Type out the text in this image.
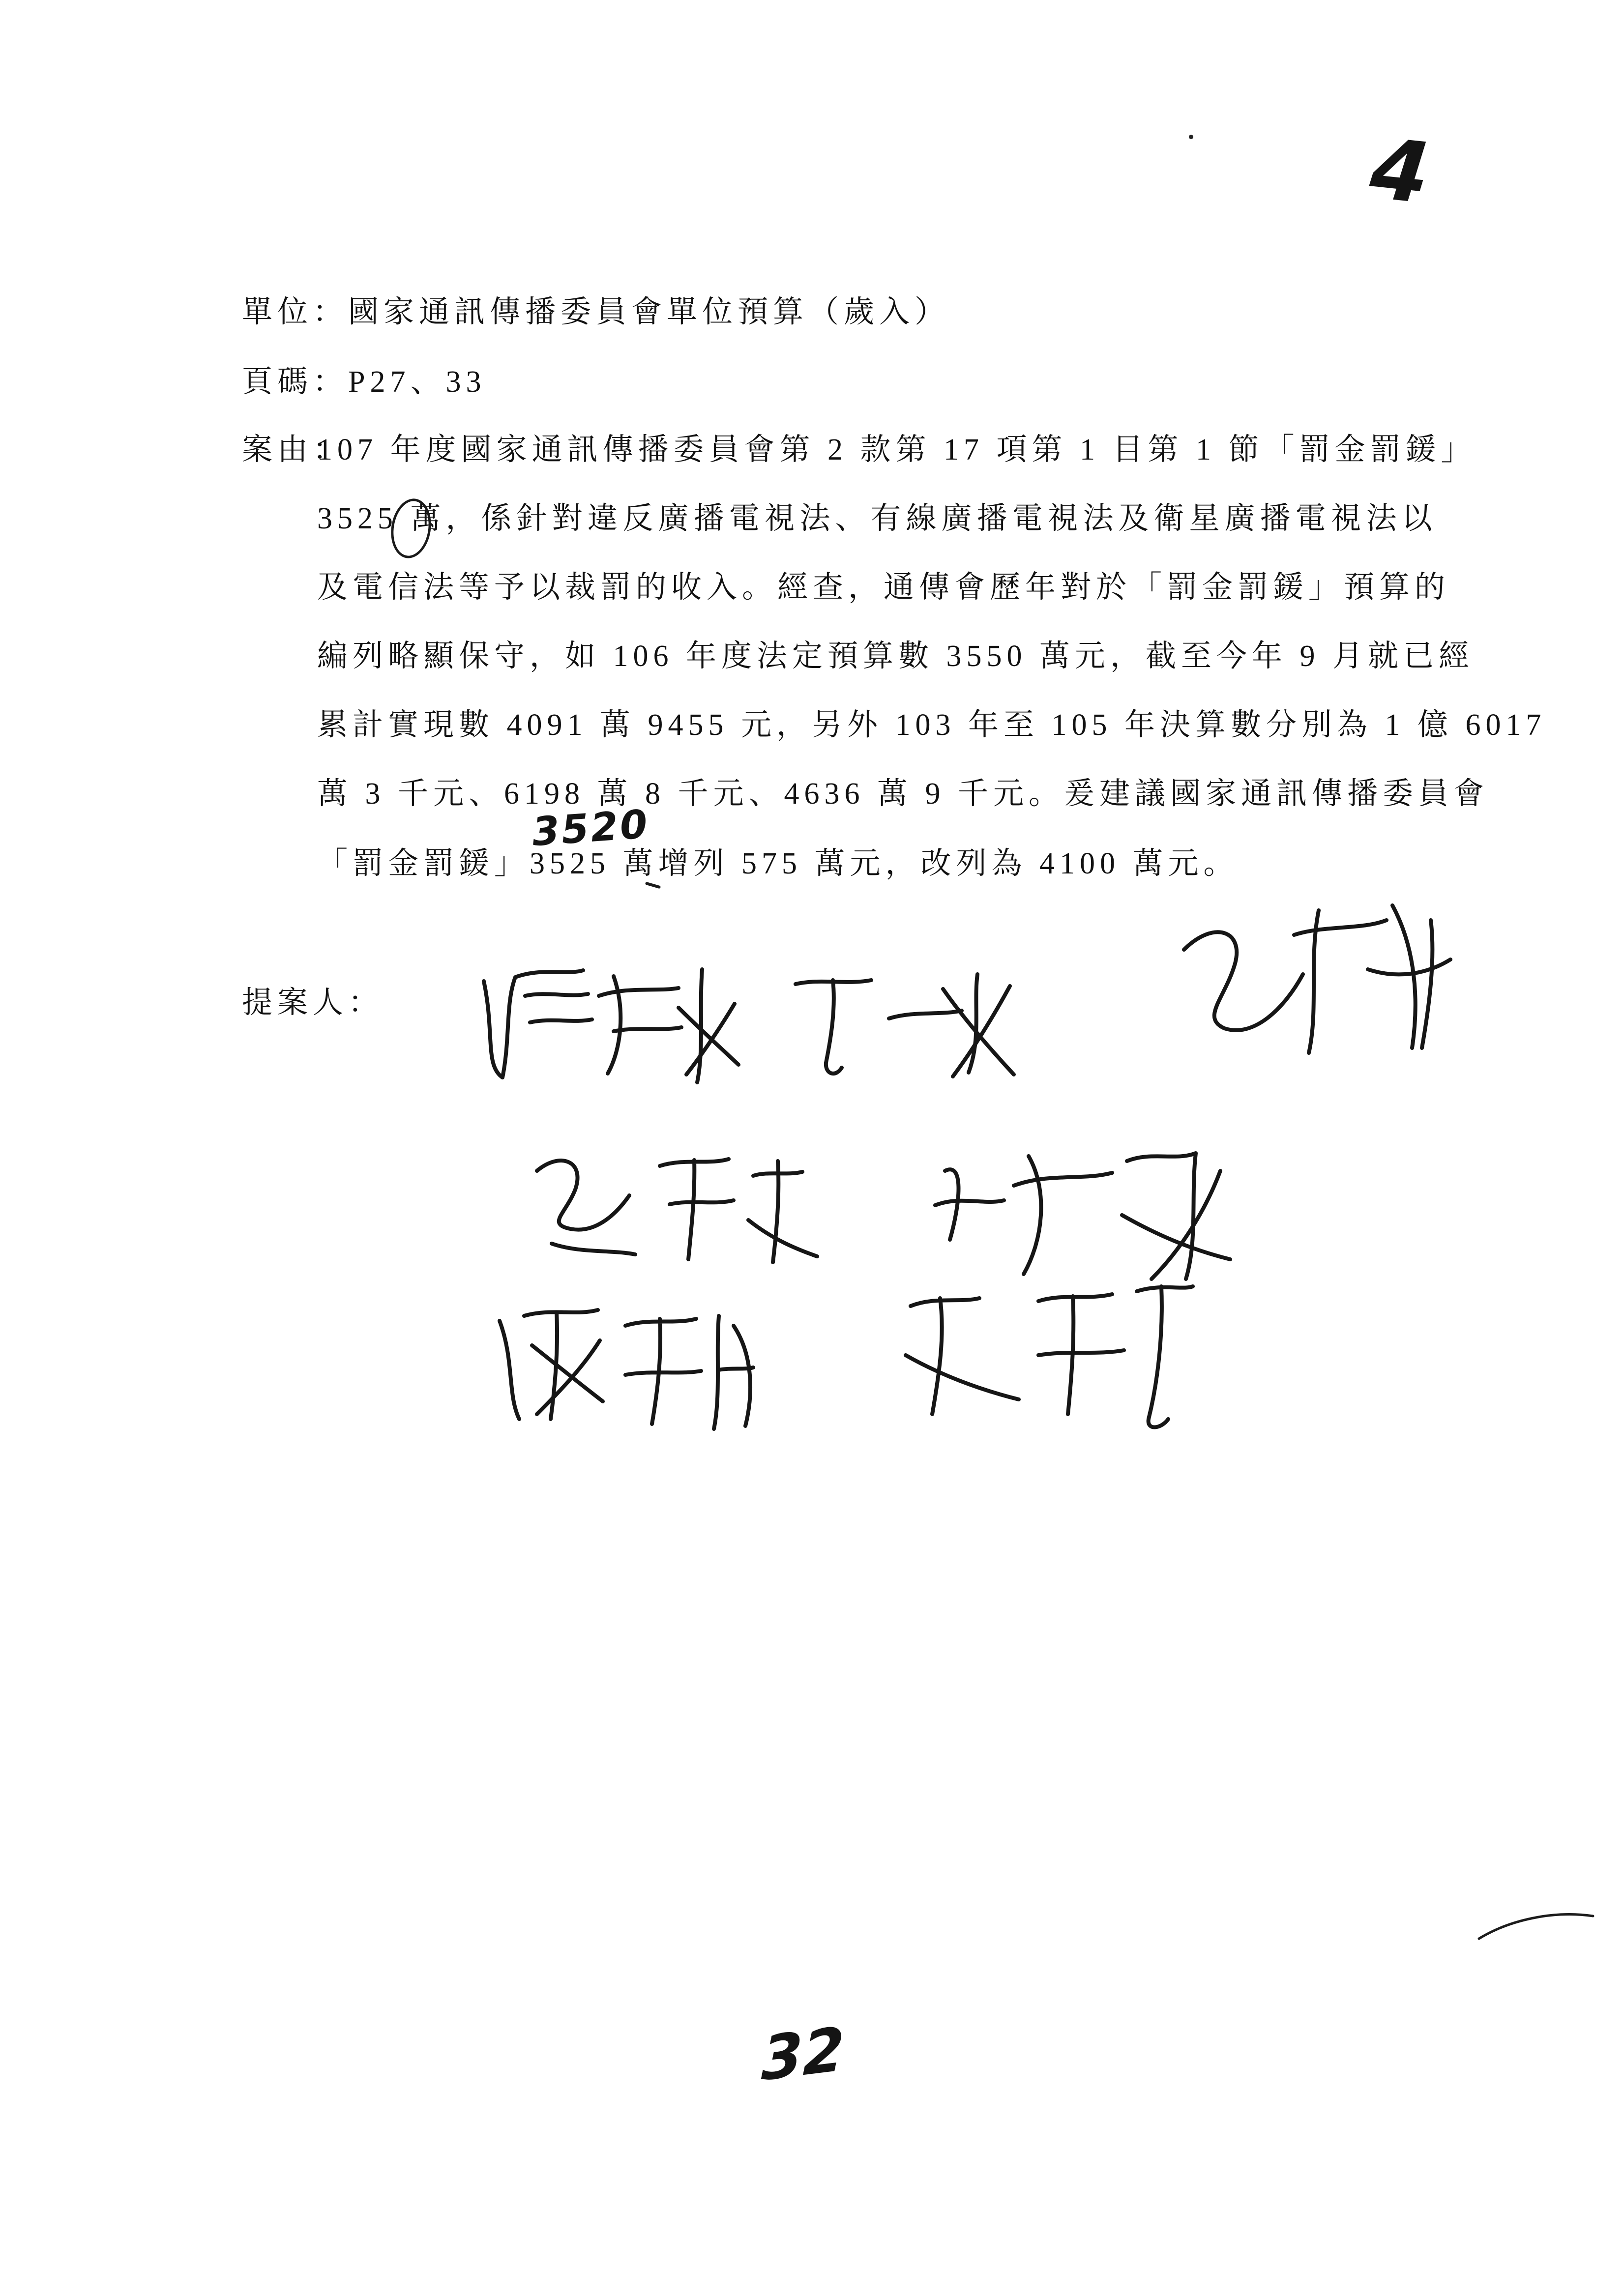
4
單位：國家通訊傳播委員會單位預算（歲入）
頁碼：P27、33
案由：
107 年度國家通訊傳播委員會第 2 款第 17 項第 1 目第 1 節「罰金罰鍰」
3525 萬，係針對違反廣播電視法、有線廣播電視法及衛星廣播電視法以
及電信法等予以裁罰的收入。經查，通傳會歷年對於「罰金罰鍰」預算的
編列略顯保守，如 106 年度法定預算數 3550 萬元，截至今年 9 月就已經
累計實現數 4091 萬 9455 元，另外 103 年至 105 年決算數分別為 1 億 6017
萬 3 千元、6198 萬 8 千元、4636 萬 9 千元。爰建議國家通訊傳播委員會
「罰金罰鍰」3525 萬增列 575 萬元，改列為 4100 萬元。
3520
提案人：
32
